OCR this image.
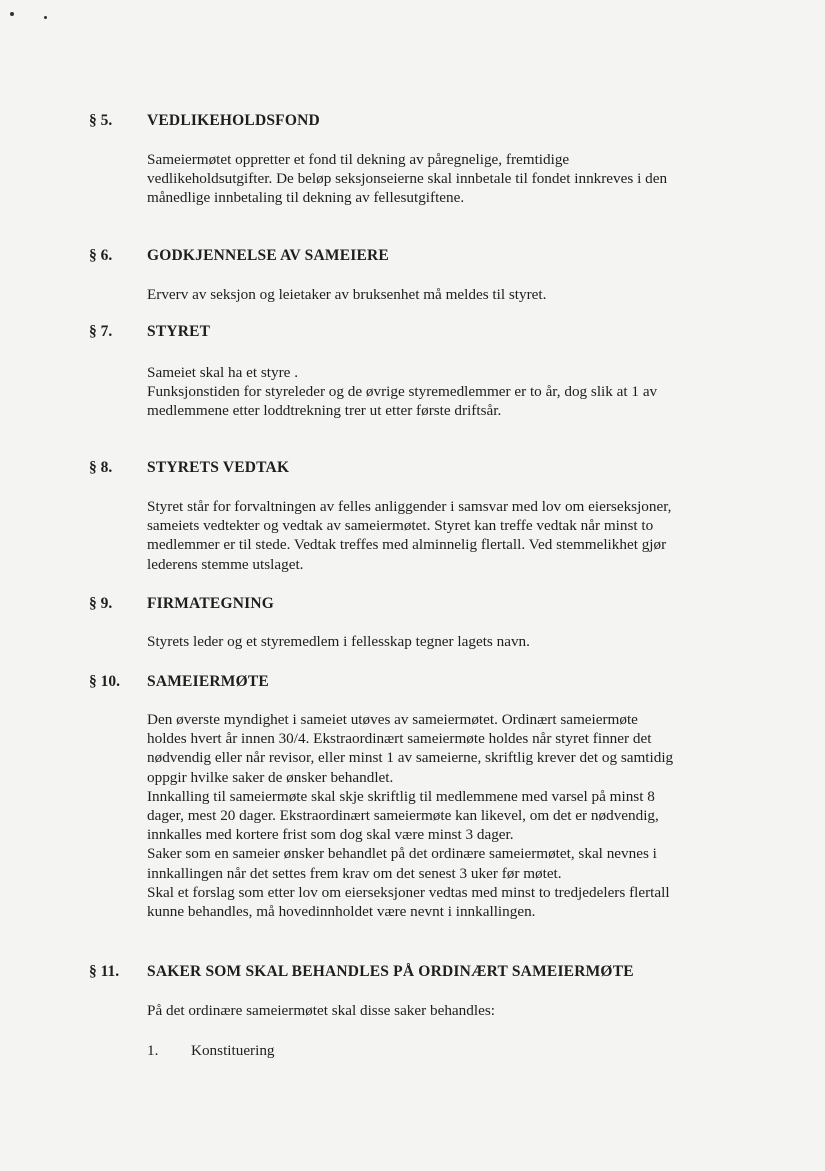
§ 5. VEDLIKEHOLDSFOND
Sameiermøtet oppretter et fond til dekning av påregnelige, fremtidige
vedlikeholdsutgifter. De beløp seksjonseierne skal innbetale til fondet innkreves i den
månedlige innbetaling til dekning av fellesutgiftene.
§ 6. GODKJENNELSE AV SAMEIERE
Erverv av seksjon og leietaker av bruksenhet må meldes til styret.
§ 7. STYRET
Sameiet skal ha et styre .
Funksjonstiden for styreleder og de øvrige styremedlemmer er to år, dog slik at 1 av
medlemmene etter loddtrekning trer ut etter første driftsår.
§ 8. STYRETS VEDTAK
Styret står for forvaltningen av felles anliggender i samsvar med lov om eierseksjoner,
sameiets vedtekter og vedtak av sameiermøtet. Styret kan treffe vedtak når minst to
medlemmer er til stede. Vedtak treffes med alminnelig flertall. Ved stemmelikhet gjør
lederens stemme utslaget.
§ 9. FIRMATEGNING
Styrets leder og et styremedlem i fellesskap tegner lagets navn.
§ 10. SAMEIERMØTE
Den øverste myndighet i sameiet utøves av sameiermøtet. Ordinært sameiermøte
holdes hvert år innen 30/4. Ekstraordinært sameiermøte holdes når styret finner det
nødvendig eller når revisor, eller minst 1 av sameierne, skriftlig krever det og samtidig
oppgir hvilke saker de ønsker behandlet.
Innkalling til sameiermøte skal skje skriftlig til medlemmene med varsel på minst 8
dager, mest 20 dager. Ekstraordinært sameiermøte kan likevel, om det er nødvendig,
innkalles med kortere frist som dog skal være minst 3 dager.
Saker som en sameier ønsker behandlet på det ordinære sameiermøtet, skal nevnes i
innkallingen når det settes frem krav om det senest 3 uker før møtet.
Skal et forslag som etter lov om eierseksjoner vedtas med minst to tredjedelers flertall
kunne behandles, må hovedinnholdet være nevnt i innkallingen.
§ 11. SAKER SOM SKAL BEHANDLES PÅ ORDINÆRT SAMEIERMØTE
På det ordinære sameiermøtet skal disse saker behandles:
1. Konstituering
